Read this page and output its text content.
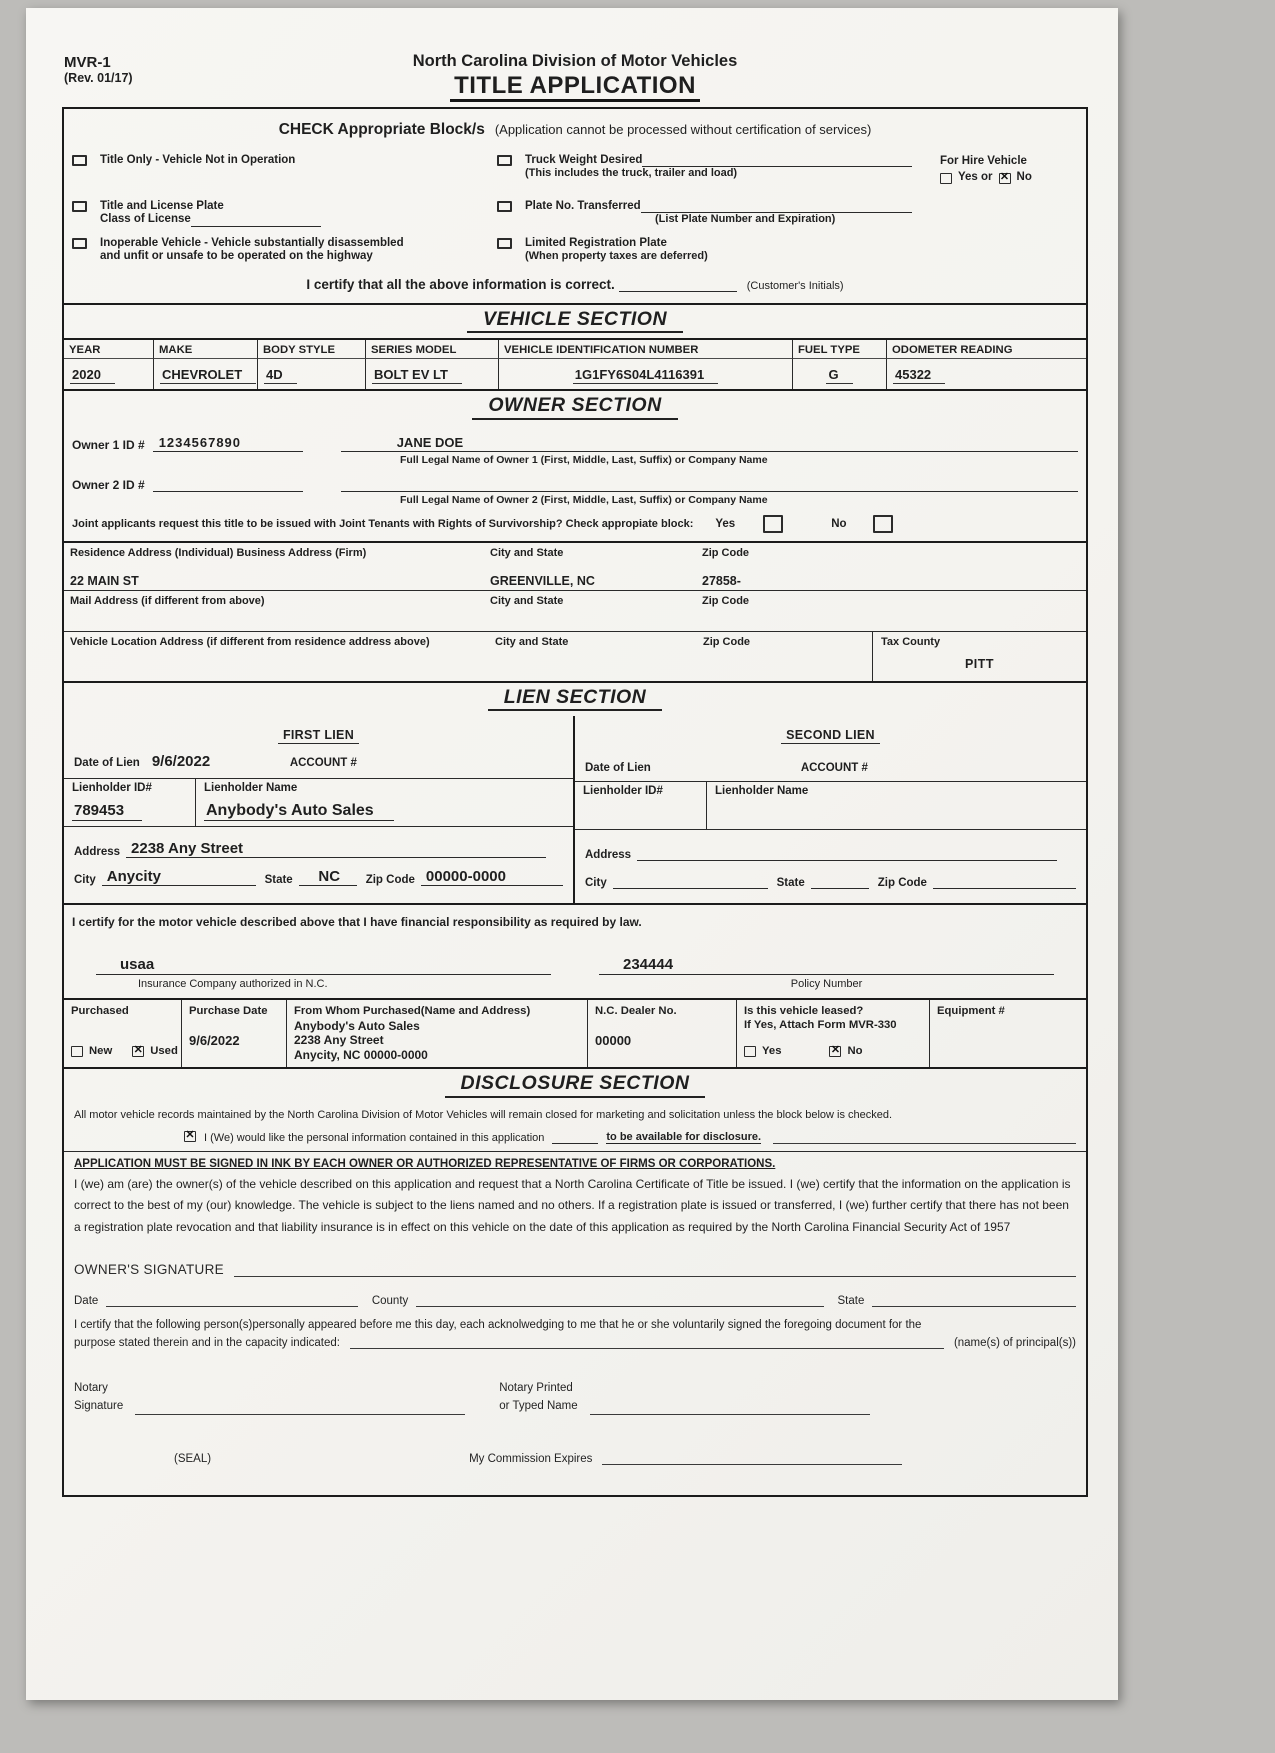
MVR-1
(Rev. 01/17)
North Carolina Division of Motor Vehicles
TITLE APPLICATION
CHECK Appropriate Block/s (Application cannot be processed without certification of services)
Title Only - Vehicle Not in Operation
Title and License Plate
Class of License
Inoperable Vehicle - Vehicle substantially disassembled
and unfit or unsafe to be operated on the highway
Truck Weight Desired
(This includes the truck, trailer and load)
Plate No. Transferred
(List Plate Number and Expiration)
Limited Registration Plate
(When property taxes are deferred)
For Hire Vehicle
Yes or ✕ No
I certify that all the above information is correct.	(Customer's Initials)
VEHICLE SECTION
YEAR	MAKE	BODY STYLE	SERIES MODEL	VEHICLE IDENTIFICATION NUMBER	FUEL TYPE	ODOMETER READING
2020	CHEVROLET	4D	BOLT EV LT	1G1FY6S04L4116391	G	45322
OWNER SECTION
Owner 1 ID #	1234567890	JANE DOE
Full Legal Name of Owner 1 (First, Middle, Last, Suffix) or Company Name
Owner 2 ID #
Full Legal Name of Owner 2 (First, Middle, Last, Suffix) or Company Name
Joint applicants request this title to be issued with Joint Tenants with Rights of Survivorship? Check appropiate block: Yes	No
Residence Address (Individual) Business Address (Firm)	City and State	Zip Code
22 MAIN ST	GREENVILLE, NC	27858-
Mail Address (if different from above)	City and State	Zip Code
Vehicle Location Address (if different from residence address above)	City and State	Zip Code	Tax County
PITT
LIEN SECTION
FIRST LIEN
Date of Lien 9/6/2022	ACCOUNT #
Lienholder ID#
789453
Lienholder Name
Anybody's Auto Sales
Address 2238 Any Street
City Anycity	State NC Zip Code 00000-0000
SECOND LIEN
Date of Lien	ACCOUNT #
Lienholder ID#	Lienholder Name
Address
City	State	Zip Code
I certify for the motor vehicle described above that I have financial responsibility as required by law.
usaa
Insurance Company authorized in N.C.
234444
Policy Number
Purchased
New ✕	Used
Purchase Date
9/6/2022
From Whom Purchased(Name and Address)
Anybody's Auto Sales
2238 Any Street
Anycity, NC 00000-0000
N.C. Dealer No.
00000
Is this vehicle leased?
If Yes, Attach Form MVR-330
Yes ✕	No
Equipment #
DISCLOSURE SECTION
All motor vehicle records maintained by the North Carolina Division of Motor Vehicles will remain closed for marketing and solicitation unless the block below is checked.
✕
I (We) would like the personal information contained in this application	to be available for disclosure.
APPLICATION MUST BE SIGNED IN INK BY EACH OWNER OR AUTHORIZED REPRESENTATIVE OF FIRMS OR CORPORATIONS.
I (we) am (are) the owner(s) of the vehicle described on this application and request that a North Carolina Certificate of Title be issued. I (we) certify that the information on the application is correct to the best of my (our) knowledge. The vehicle is subject to the liens named and no others. If a registration plate is issued or transferred, I (we) further certify that there has not been a registration plate revocation and that liability insurance is in effect on this vehicle on the date of this application as required by the North Carolina Financial Security Act of 1957
OWNER'S SIGNATURE
Date	County	State
I certify that the following person(s)personally appeared before me this day, each acknolwedging to me that he or she voluntarily signed the foregoing document for the
purpose stated therein and in the capacity indicated:	(name(s) of principal(s))
Notary
Signature
Notary Printed
or Typed Name
(SEAL)	My Commission Expires
